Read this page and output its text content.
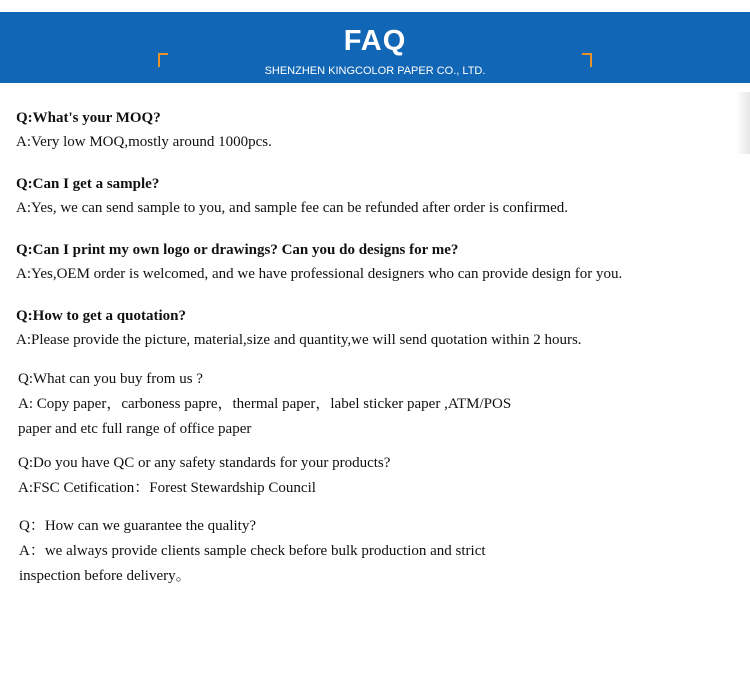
FAQ
SHENZHEN KINGCOLOR PAPER CO., LTD.
Q:What's your MOQ?
A:Very low MOQ,mostly around 1000pcs.
Q:Can I get a sample?
A:Yes, we can send sample to you, and sample fee can be refunded after order is confirmed.
Q:Can I print my own logo or drawings? Can you do designs for me?
A:Yes,OEM order is welcomed, and we have professional designers who can provide design for you.
Q:How to get a quotation?
A:Please provide the picture, material,size and quantity,we will send quotation within 2 hours.
Q:What can you buy from us ?
A: Copy paper，carboness papre，thermal paper，label sticker paper ,ATM/POS
paper and etc full range of office paper
Q:Do you have QC or any safety standards for your products?
A:FSC Cetification：Forest Stewardship Council
Q：How can we guarantee the quality?
A：we always provide clients sample check before bulk production and strict
inspection before delivery。
